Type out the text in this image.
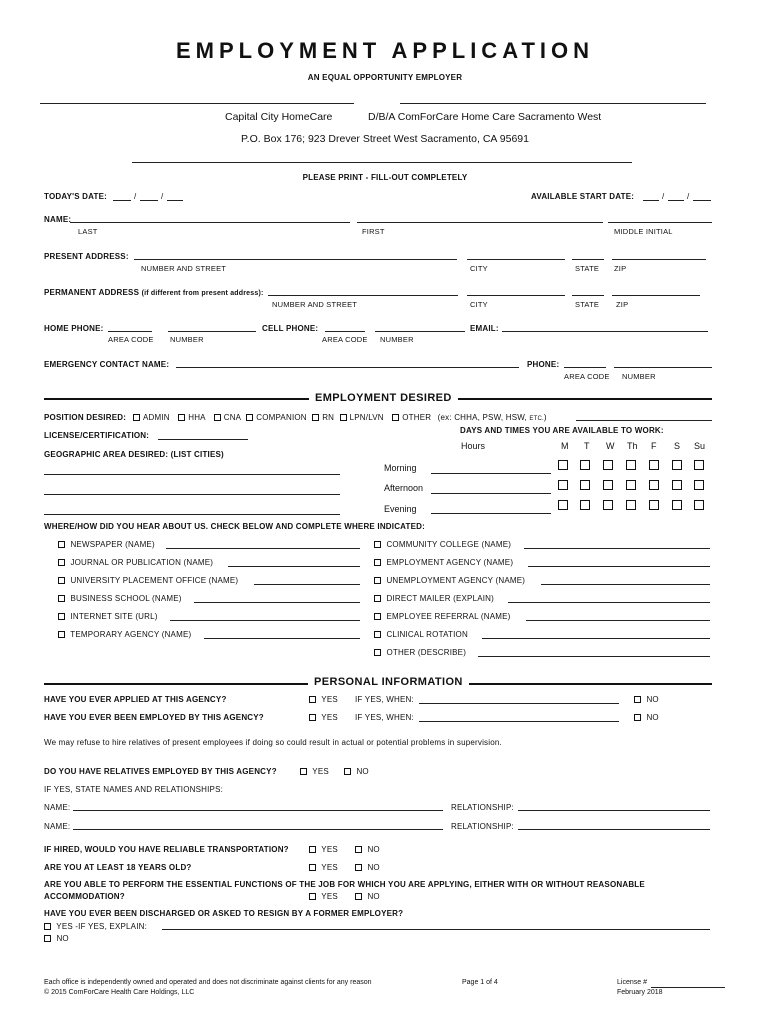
EMPLOYMENT APPLICATION
AN EQUAL OPPORTUNITY EMPLOYER
Capital City HomeCare	D/B/A ComForCare Home Care Sacramento West
P.O. Box 176; 923 Drever Street West Sacramento, CA 95691
PLEASE PRINT - FILL-OUT COMPLETELY
TODAY'S DATE:	/	/	AVAILABLE START DATE:	/	/
NAME:
LAST	FIRST	MIDDLE INITIAL
PRESENT ADDRESS:
NUMBER AND STREET	CITY	STATE ZIP
PERMANENT ADDRESS (if different from present address):
NUMBER AND STREET	CITY	STATE ZIP
HOME PHONE:	CELL PHONE:	EMAIL:
AREA CODE NUMBER	AREA CODE NUMBER
EMERGENCY CONTACT NAME:	PHONE:
AREA CODE NUMBER
EMPLOYMENT DESIRED
POSITION DESIRED:	ADMIN HHA CNA COMPANION RN LPN/LVN OTHER (ex: CHHA, PSW, HSW, ETC.)
LICENSE/CERTIFICATION:
GEOGRAPHIC AREA DESIRED: (LIST CITIES)
DAYS AND TIMES YOU ARE AVAILABLE TO WORK:
Hours	M T W Th F S Su
Morning
Afternoon
Evening
WHERE/HOW DID YOU HEAR ABOUT US. CHECK BELOW AND COMPLETE WHERE INDICATED:
NEWSPAPER (NAME)
JOURNAL OR PUBLICATION (NAME)
UNIVERSITY PLACEMENT OFFICE (NAME)
BUSINESS SCHOOL (NAME)
INTERNET SITE (URL)
TEMPORARY AGENCY (NAME)
COMMUNITY COLLEGE (NAME)
EMPLOYMENT AGENCY (NAME)
UNEMPLOYMENT AGENCY (NAME)
DIRECT MAILER (EXPLAIN)
EMPLOYEE REFERRAL (NAME)
CLINICAL ROTATION
OTHER (DESCRIBE)
PERSONAL INFORMATION
HAVE YOU EVER APPLIED AT THIS AGENCY?	YES IF YES, WHEN:	NO
HAVE YOU EVER BEEN EMPLOYED BY THIS AGENCY?	YES IF YES, WHEN:	NO
We may refuse to hire relatives of present employees if doing so could result in actual or potential problems in supervision.
DO YOU HAVE RELATIVES EMPLOYED BY THIS AGENCY?	YES	NO
IF YES, STATE NAMES AND RELATIONSHIPS:
NAME:	RELATIONSHIP:
NAME:	RELATIONSHIP:
IF HIRED, WOULD YOU HAVE RELIABLE TRANSPORTATION?	YES	NO
ARE YOU AT LEAST 18 YEARS OLD?	YES	NO
ARE YOU ABLE TO PERFORM THE ESSENTIAL FUNCTIONS OF THE JOB FOR WHICH YOU ARE APPLYING, EITHER WITH OR WITHOUT REASONABLE
ACCOMMODATION?	YES	NO
HAVE YOU EVER BEEN DISCHARGED OR ASKED TO RESIGN BY A FORMER EMPLOYER?
YES -IF YES, EXPLAIN:
NO
Each office is independently owned and operated and does not discriminate against clients for any reason
© 2015 ComForCare Health Care Holdings, LLC
Page 1 of 4	License #
February 2018
